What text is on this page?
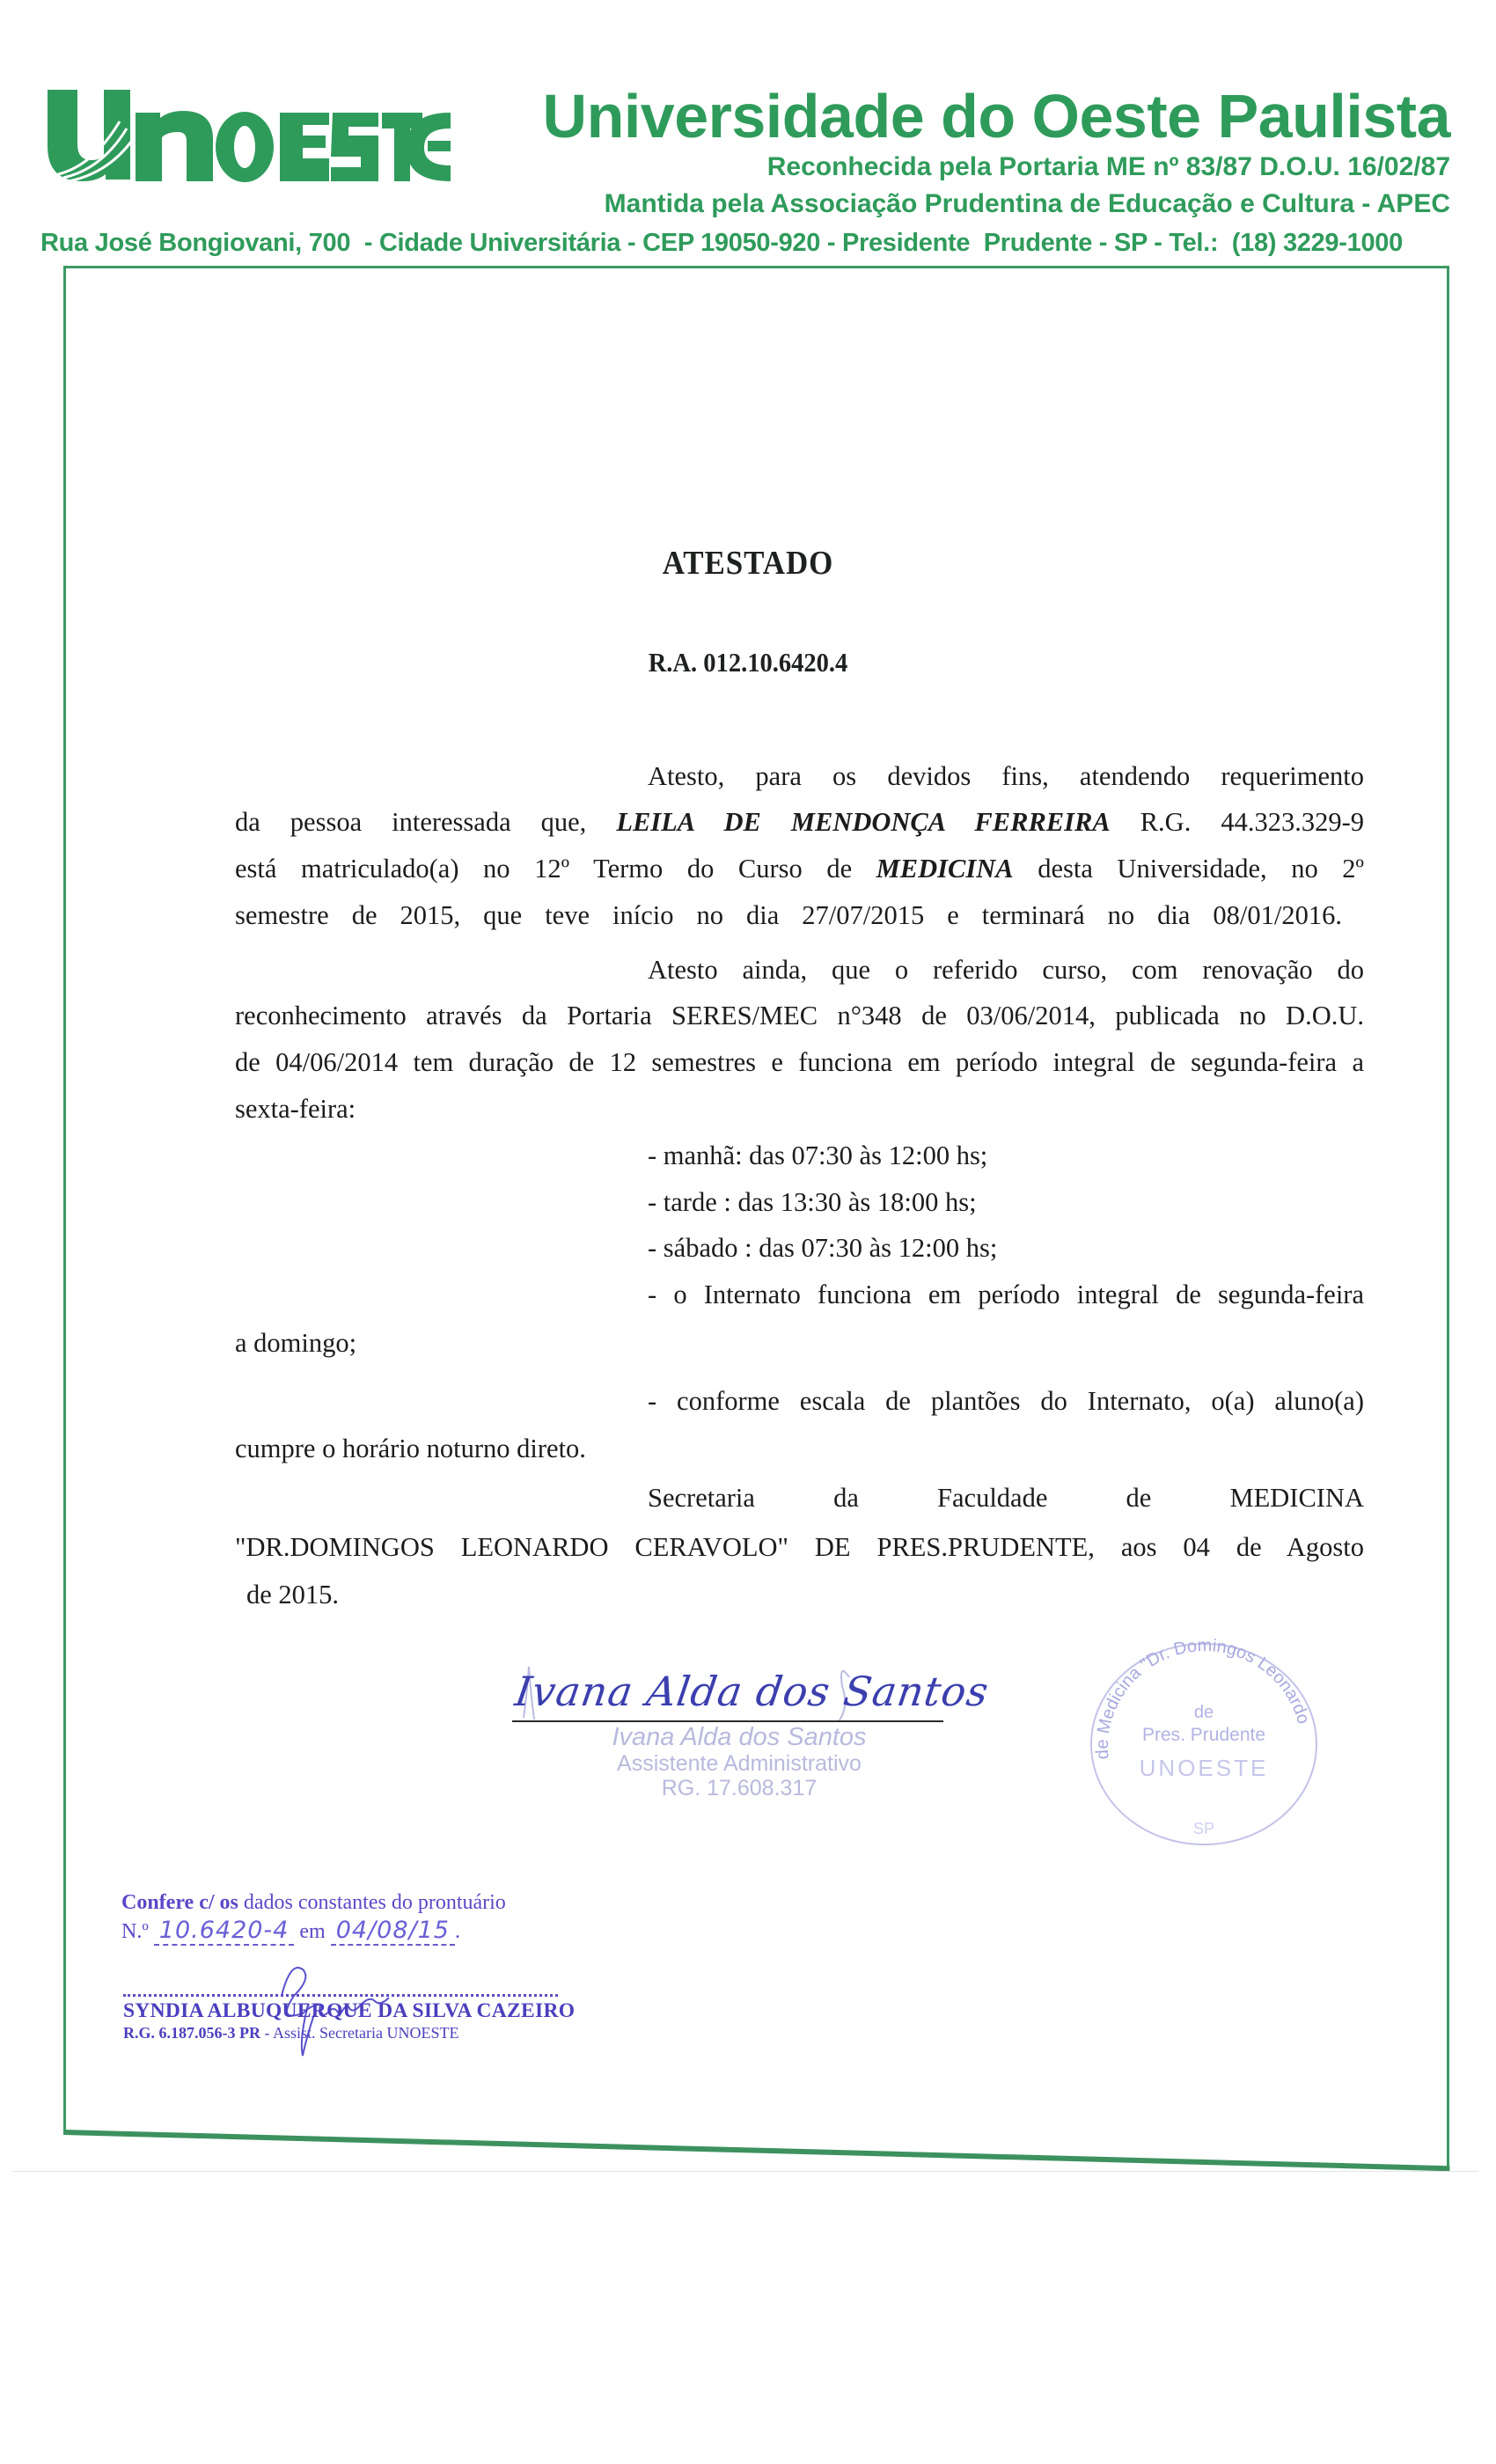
Universidade do Oeste Paulista
Reconhecida pela Portaria ME nº 83/87 D.O.U. 16/02/87
Mantida pela Associação Prudentina de Educação e Cultura - APEC
Rua José Bongiovani, 700  - Cidade Universitária - CEP 19050-920 - Presidente  Prudente - SP - Tel.:  (18) 3229-1000
ATESTADO
R.A. 012.10.6420.4
Atesto, para os devidos fins, atendendo requerimento
da pessoa interessada que, LEILA DE MENDONÇA FERREIRA R.G. 44.323.329-9
está matriculado(a) no 12º Termo do Curso de MEDICINA desta Universidade, no 2º
semestre de 2015, que teve início no dia 27/07/2015 e terminará no dia 08/01/2016.
Atesto ainda, que o referido curso, com renovação do
reconhecimento através da Portaria SERES/MEC n°348 de 03/06/2014, publicada no D.O.U.
de 04/06/2014 tem duração de 12 semestres e funciona em período integral de segunda-feira a
sexta-feira:
- manhã: das 07:30 às 12:00 hs;
- tarde : das 13:30 às 18:00 hs;
- sábado : das 07:30 às 12:00 hs;
- o Internato funciona em período integral de segunda-feira
a domingo;
- conforme escala de plantões do Internato, o(a) aluno(a)
cumpre o horário noturno direto.
Secretaria da Faculdade de MEDICINA
"DR.DOMINGOS LEONARDO CERAVOLO" DE PRES.PRUDENTE, aos 04 de Agosto
de 2015.
Ivana Alda dos Santos
Ivana Alda dos Santos
Assistente Administrativo
RG. 17.608.317
de Medicina "Dr. Domingos Leonardo
de
Pres. Prudente
UNOESTE
SP
Confere c/ os dados constantes do prontuário
N.º 10.6420-4 em 04/08/15 .
SYNDIA ALBUQUERQUE DA SILVA CAZEIRO
R.G. 6.187.056-3 PR - Assist. Secretaria UNOESTE
